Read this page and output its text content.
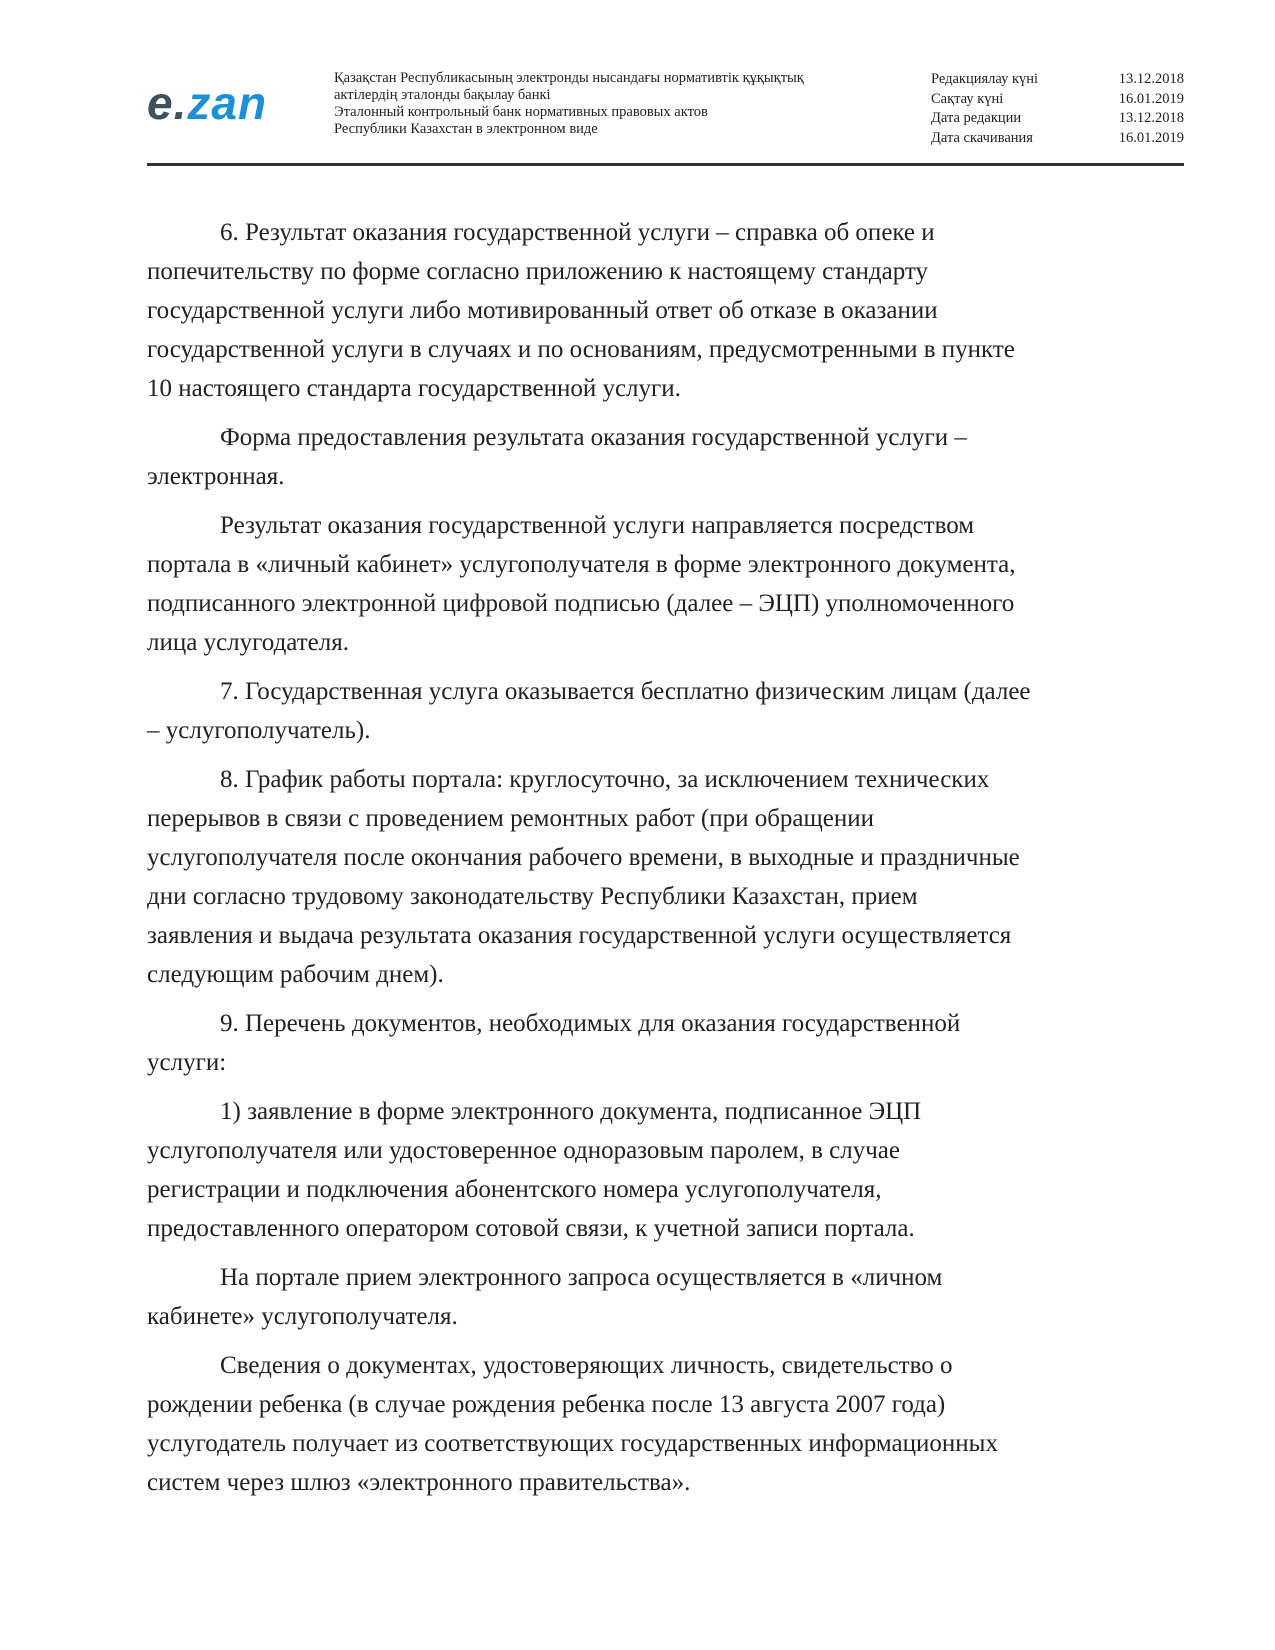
e.zan	Қазақстан Республикасының электронды нысандағы нормативтік құқықтық
актілердің эталонды бақылау банкі
Эталонный контрольный банк нормативных правовых актов
Республики Казахстан в электронном виде
Редакциялау күні	13.12.2018
Сақтау күні	16.01.2019
Дата редакции	13.12.2018
Дата скачивания	16.01.2019
6. Результат оказания государственной услуги – справка об опеке и
попечительству по форме согласно приложению к настоящему стандарту
государственной услуги либо мотивированный ответ об отказе в оказании
государственной услуги в случаях и по основаниям, предусмотренными в пункте
10 настоящего стандарта государственной услуги.
Форма предоставления результата оказания государственной услуги –
электронная.
Результат оказания государственной услуги направляется посредством
портала в «личный кабинет» услугополучателя в форме электронного документа,
подписанного электронной цифровой подписью (далее – ЭЦП) уполномоченного
лица услугодателя.
7. Государственная услуга оказывается бесплатно физическим лицам (далее
– услугополучатель).
8. График работы портала: круглосуточно, за исключением технических
перерывов в связи с проведением ремонтных работ (при обращении
услугополучателя после окончания рабочего времени, в выходные и праздничные
дни согласно трудовому законодательству Республики Казахстан, прием
заявления и выдача результата оказания государственной услуги осуществляется
следующим рабочим днем).
9. Перечень документов, необходимых для оказания государственной
услуги:
1) заявление в форме электронного документа, подписанное ЭЦП
услугополучателя или удостоверенное одноразовым паролем, в случае
регистрации и подключения абонентского номера услугополучателя,
предоставленного оператором сотовой связи, к учетной записи портала.
На портале прием электронного запроса осуществляется в «личном
кабинете» услугополучателя.
Сведения о документах, удостоверяющих личность, свидетельство о
рождении ребенка (в случае рождения ребенка после 13 августа 2007 года)
услугодатель получает из соответствующих государственных информационных
систем через шлюз «электронного правительства».
